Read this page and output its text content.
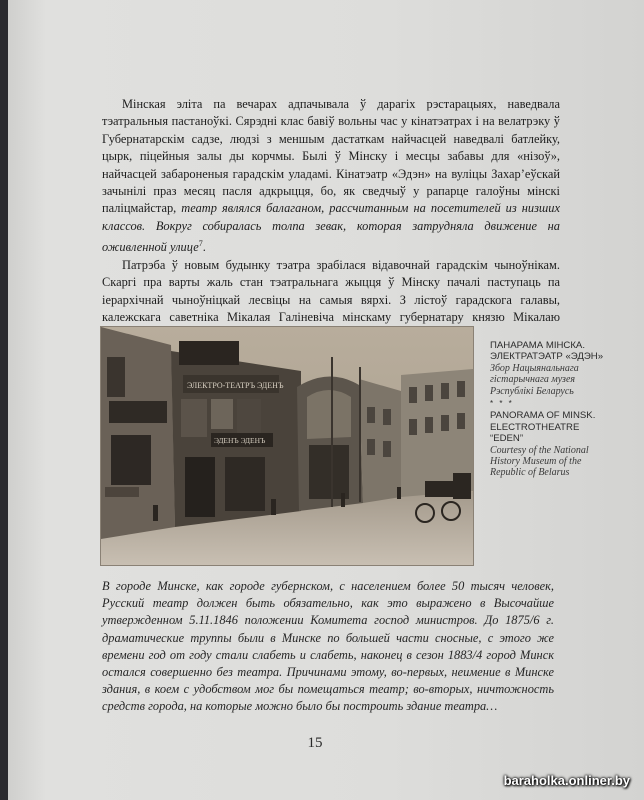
Мінская эліта па вечарах адпачывала ў дарагіх рэстарацыях, наведвала тэатральныя пастаноўкі. Сярэдні клас бавіў вольны час у кінатэатрах і на велатрэку ў Губернатарскім садзе, людзі з меншым дастаткам найчасцей наведвалі батлейку, цырк, піцейныя залы ды корчмы. Былі ў Мінску і месцы забавы для «нізоў», найчасцей забароненыя гарадскім уладамі. Кінатэатр «Эдэн» на вуліцы Захар’еўскай зачынілі праз месяц пасля адкрыцця, бо, як сведчыў у рапарце галоўны мінскі паліцмайстар, театр являлся балаганом, рассчитанным на посетителей из низших классов. Вокруг собиралась толпа зевак, которая затрудняла движение на оживленной улице$^7$.

Патрэба ў новым будынку тэатра зрабілася відавочнай гарадскім чыноўнікам. Скаргі пра варты жаль стан тэатральнага жыцця ў Мінску пачалі паступаць па іерархічнай чыноўніцкай лесвіцы на самыя вярхі. З лістоў гарадскога галавы, калежскага саветніка Мікалая Галіневіча мінскаму губернатару князю Мікалаю

ЭЛЕКТРО-ТЕАТРЪ ЭДЕНЪ
ЭДЕНЪ ЭДЕНЪ
ПАНАРАМА МІНСКА. ЭЛЕКТРАТЭАТР «ЭДЭН»
Збор Нацыянальнага гістарычнага музея Рэспублікі Беларусь
* * *
PANORAMA OF MINSK. ELECTROTHEATRE “EDEN”
Courtesy of the National History Museum of the Republic of Belarus
В городе Минске, как городе губернском, с населением более 50 тысяч человек, Русский театр должен быть обязательно, как это выражено в Высочайше утвержденном 5.11.1846 положении Комитета господ министров. До 1875/6 г. драматические труппы были в Минске по большей части сносные, с этого же времени год от году стали слабеть и слабеть, наконец в сезон 1883/4 город Минск остался совершенно без театра. Причинами этому, во-первых, неимение в Минске здания, в коем с удобством мог бы помещаться театр; во-вторых, ничтожность средств города, на которые можно было бы построить здание театра…
15
baraholka.onliner.by
